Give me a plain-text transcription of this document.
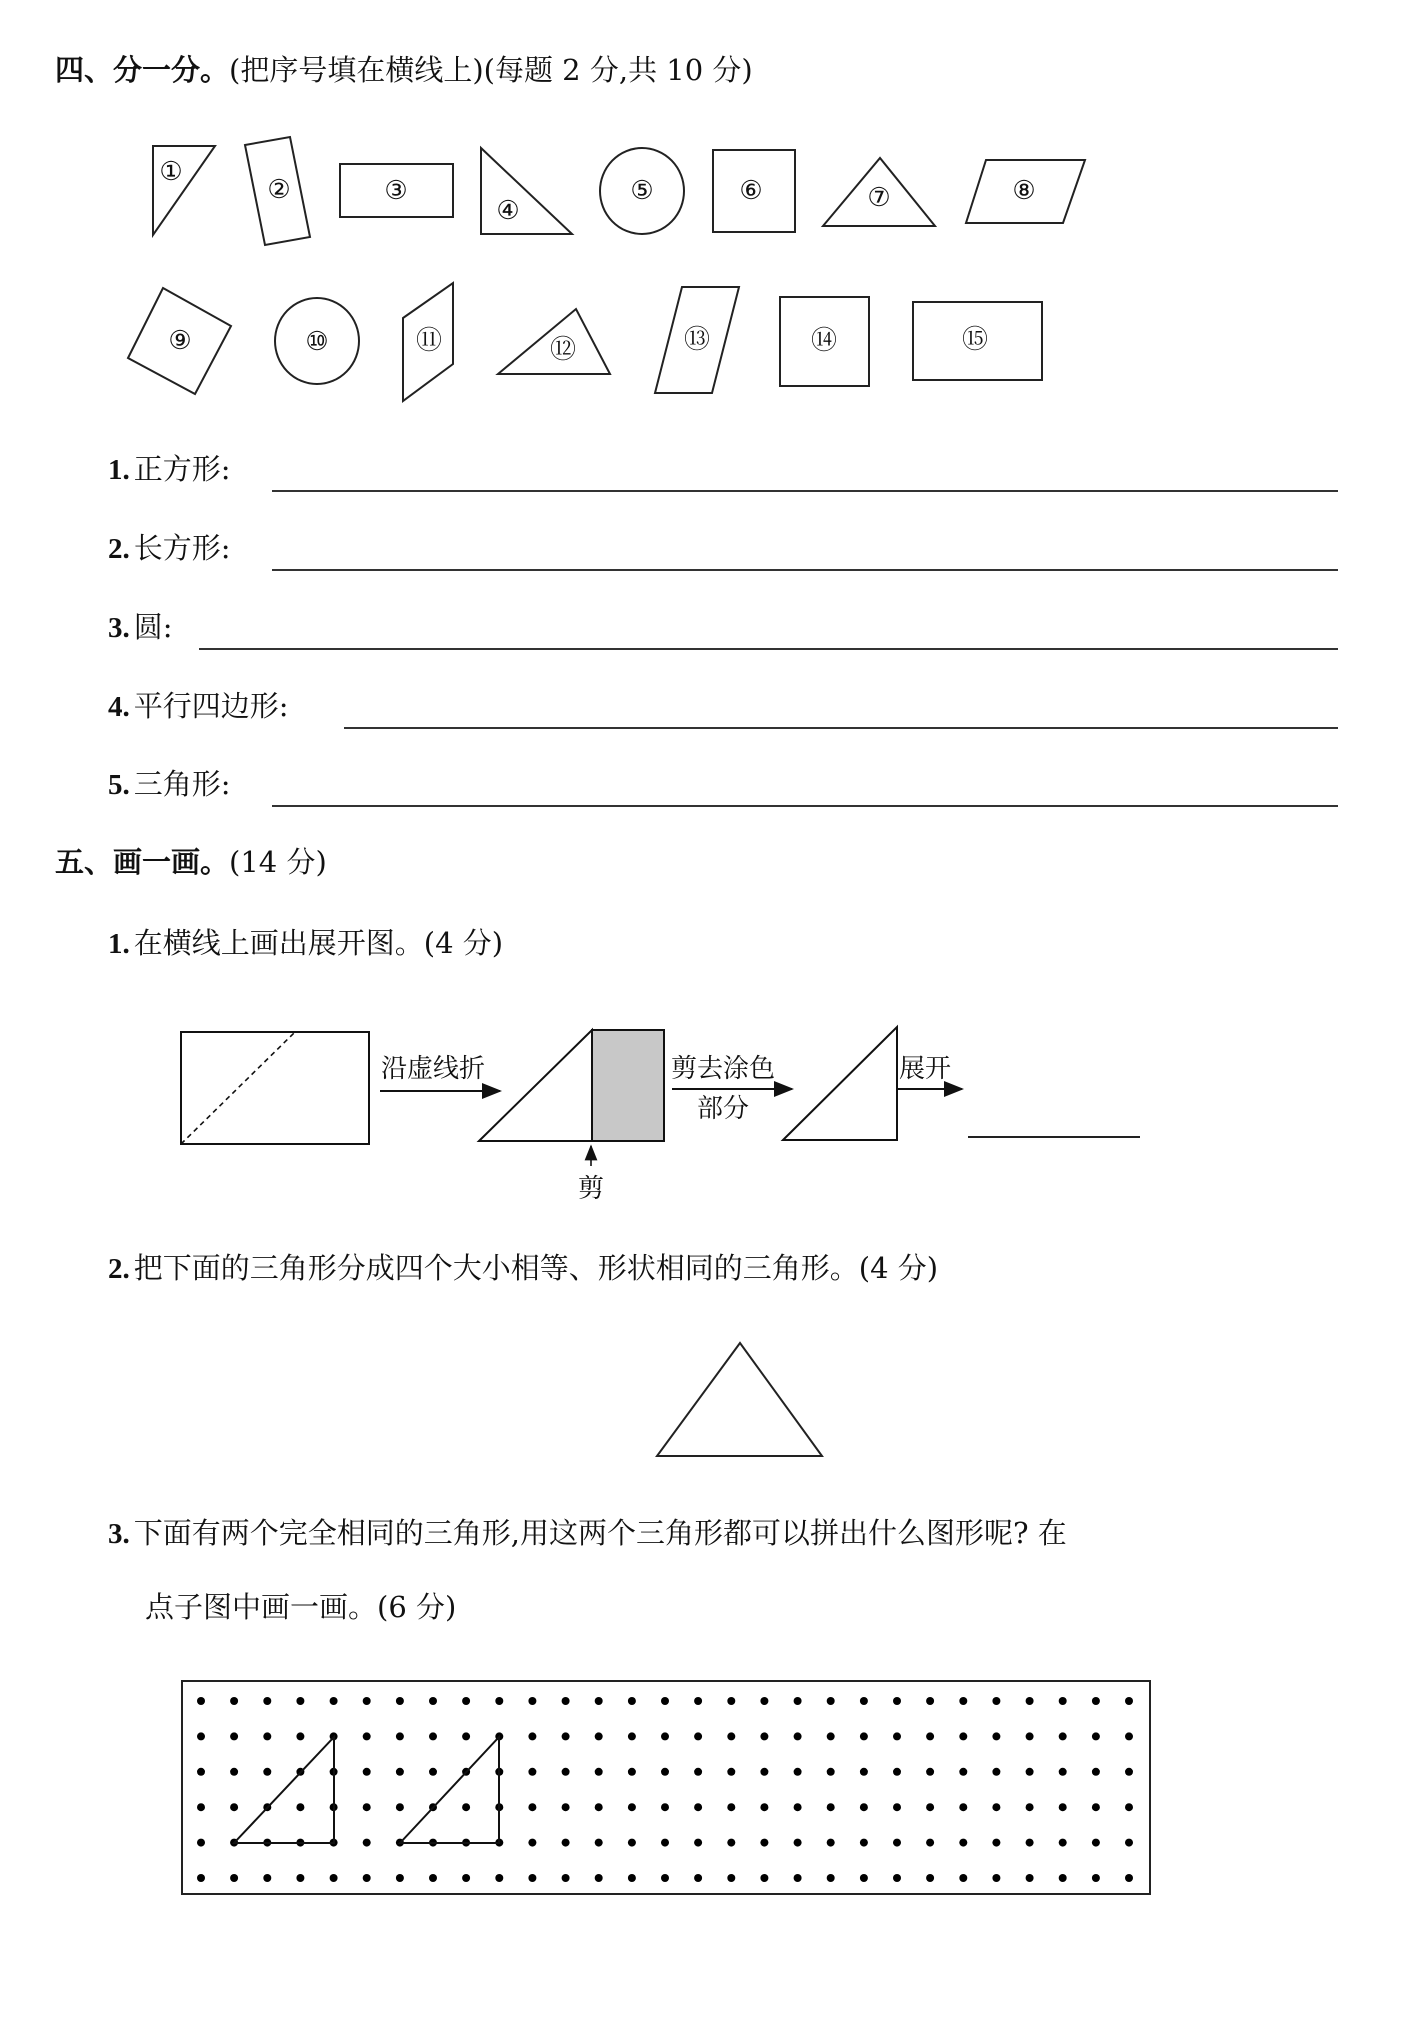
四、分一分。(把序号填在横线上)(每题 2 分,共 10 分)
①
②	③
④
⑤	⑥	⑦	⑧
⑨	⑩	⑪	⑫	⑬	⑭	⑮
1. 正方形:
2. 长方形:
3. 圆:
4. 平行四边形:
5. 三角形:
五、画一画。(14 分)
1. 在横线上画出展开图。(4 分)
沿虚线折	剪去涂色
部分
展开
剪
2. 把下面的三角形分成四个大小相等、形状相同的三角形。(4 分)
3. 下面有两个完全相同的三角形,用这两个三角形都可以拼出什么图形呢? 在
点子图中画一画。(6 分)
